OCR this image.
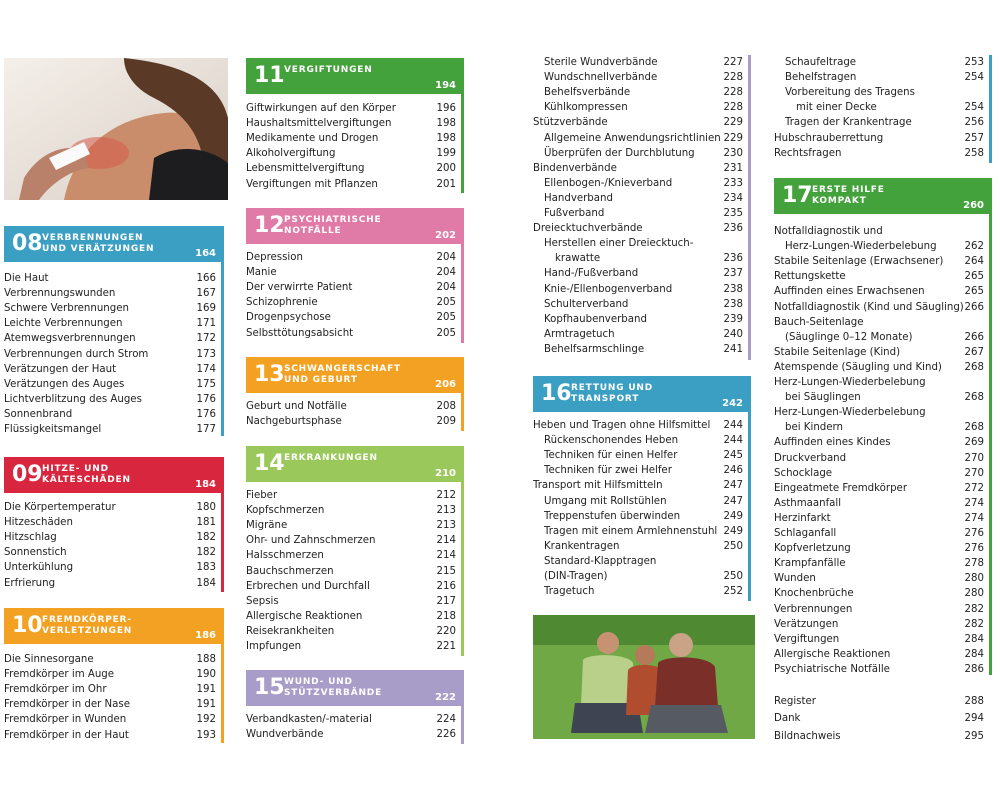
08 VERBRENNUNGEN
UND VERÄTZUNGEN	164
Die Haut	166
Verbrennungswunden	167
Schwere Verbrennungen	169
Leichte Verbrennungen	171
Atemwegsverbrennungen	172
Verbrennungen durch Strom	173
Verätzungen der Haut	174
Verätzungen des Auges	175
Lichtverblitzung des Auges	176
Sonnenbrand	176
Flüssigkeitsmangel	177
09 HITZE- UND
KÄLTESCHÄDEN	184
Die Körpertemperatur	180
Hitzeschäden	181
Hitzschlag	182
Sonnenstich	182
Unterkühlung	183
Erfrierung	184
10 FREMDKÖRPER-
VERLETZUNGEN	186
Die Sinnesorgane	188
Fremdkörper im Auge	190
Fremdkörper im Ohr	191
Fremdkörper in der Nase	191
Fremdkörper in Wunden	192
Fremdkörper in der Haut	193
11 VERGIFTUNGEN
194
Giftwirkungen auf den Körper	196
Haushaltsmittelvergiftungen	198
Medikamente und Drogen	198
Alkoholvergiftung	199
Lebensmittelvergiftung	200
Vergiftungen mit Pflanzen	201
12 PSYCHIATRISCHE
NOTFÄLLE	202
Depression	204
Manie	204
Der verwirrte Patient	204
Schizophrenie	205
Drogenpsychose	205
Selbsttötungsabsicht	205
13 SCHWANGERSCHAFT
UND GEBURT	206
Geburt und Notfälle	208
Nachgeburtsphase	209
14 ERKRANKUNGEN
210
Fieber	212
Kopfschmerzen	213
Migräne	213
Ohr- und Zahnschmerzen	214
Halsschmerzen	214
Bauchschmerzen	215
Erbrechen und Durchfall	216
Sepsis	217
Allergische Reaktionen	218
Reisekrankheiten	220
Impfungen	221
15 WUND- UND
STÜTZVERBÄNDE	222
Verbandkasten/-material	224
Wundverbände	226
16 RETTUNG UND
TRANSPORT	242
Heben und Tragen ohne Hilfsmittel 244
Rückenschonendes Heben	244
Techniken für einen Helfer	245
Techniken für zwei Helfer	246
Transport mit Hilfsmitteln	247
Umgang mit Rollstühlen	247
Treppenstufen überwinden	249
Tragen mit einem Armlehnenstuhl 249
Krankentragen	250
Standard-Klapptragen
(DIN-Tragen)	250
Tragetuch	252
17 ERSTE HILFE
KOMPAKT	260
Notfalldiagnostik und
Herz-Lungen-Wiederbelebung	262
Stabile Seitenlage (Erwachsener) 264
Rettungskette	265
Auffinden eines Erwachsenen	265
Notfalldiagnostik (Kind und Säugling) 266
Bauch-Seitenlage
(Säuglinge 0–12 Monate)	266
Stabile Seitenlage (Kind)	267
Atemspende (Säugling und Kind) 268
Herz-Lungen-Wiederbelebung
bei Säuglingen	268
Herz-Lungen-Wiederbelebung
bei Kindern	268
Auffinden eines Kindes	269
Druckverband	270
Schocklage	270
Eingeatmete Fremdkörper	272
Asthmaanfall	274
Herzinfarkt	274
Schlaganfall	276
Kopfverletzung	276
Krampfanfälle	278
Wunden	280
Knochenbrüche	280
Verbrennungen	282
Verätzungen	282
Vergiftungen	284
Allergische Reaktionen	284
Psychiatrische Notfälle	286
Sterile Wundverbände	227
Wundschnellverbände	228
Behelfsverbände	228
Kühlkompressen	228
Stützverbände	229
Allgemeine Anwendungsrichtlinien 229
Überprüfen der Durchblutung	230
Bindenverbände	231
Ellenbogen-/Knieverband	233
Handverband	234
Fußverband	235
Dreiecktuchverbände	236
Herstellen einer Dreiecktuch-
krawatte	236
Hand-/Fußverband	237
Knie-/Ellenbogenverband	238
Schulterverband	238
Kopfhaubenverband	239
Armtragetuch	240
Behelfsarmschlinge	241
Schaufeltrage	253
Behelfstragen	254
Vorbereitung des Tragens
mit einer Decke	254
Tragen der Krankentrage	256
Hubschrauberrettung	257
Rechtsfragen	258
Register	288
Dank	294
Bildnachweis	295
